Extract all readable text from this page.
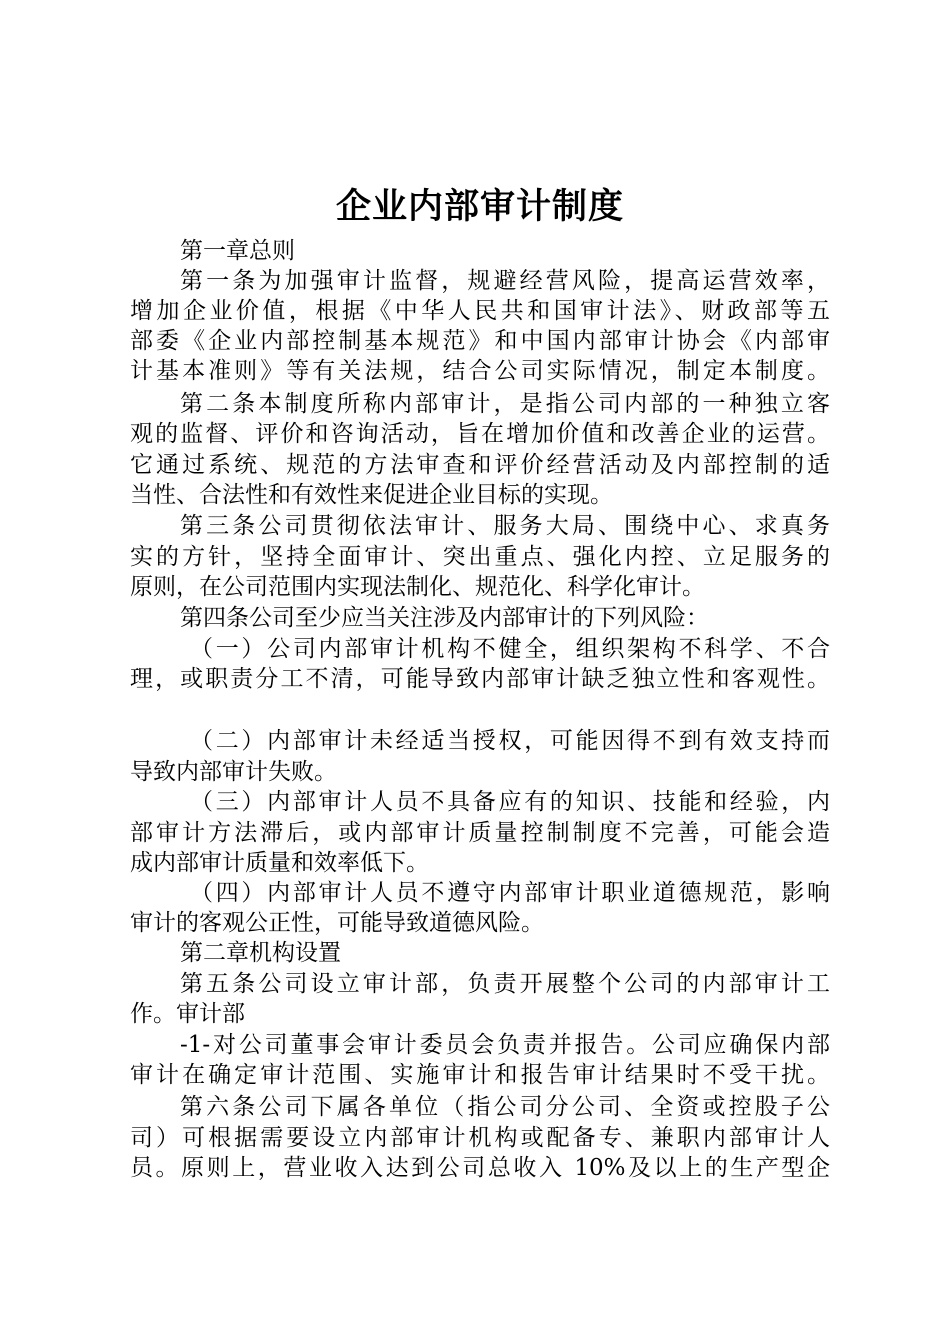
企业内部审计制度
第一章总则
第一条为加强审计监督，规避经营风险，提高运营效率，
增加企业价值，根据《中华人民共和国审计法》、财政部等五
部委《企业内部控制基本规范》和中国内部审计协会《内部审
计基本准则》等有关法规，结合公司实际情况，制定本制度。
第二条本制度所称内部审计，是指公司内部的一种独立客
观的监督、评价和咨询活动，旨在增加价值和改善企业的运营。
它通过系统、规范的方法审查和评价经营活动及内部控制的适
当性、合法性和有效性来促进企业目标的实现。
第三条公司贯彻依法审计、服务大局、围绕中心、求真务
实的方针，坚持全面审计、突出重点、强化内控、立足服务的
原则，在公司范围内实现法制化、规范化、科学化审计。
第四条公司至少应当关注涉及内部审计的下列风险：
（一）公司内部审计机构不健全，组织架构不科学、不合
理，或职责分工不清，可能导致内部审计缺乏独立性和客观性。
（二）内部审计未经适当授权，可能因得不到有效支持而
导致内部审计失败。
（三）内部审计人员不具备应有的知识、技能和经验，内
部审计方法滞后，或内部审计质量控制制度不完善，可能会造
成内部审计质量和效率低下。
（四）内部审计人员不遵守内部审计职业道德规范，影响
审计的客观公正性，可能导致道德风险。
第二章机构设置
第五条公司设立审计部，负责开展整个公司的内部审计工
作。审计部
-1-对公司董事会审计委员会负责并报告。公司应确保内部
审计在确定审计范围、实施审计和报告审计结果时不受干扰。
第六条公司下属各单位（指公司分公司、全资或控股子公
司）可根据需要设立内部审计机构或配备专、兼职内部审计人
员。原则上，营业收入达到公司总收入 10%及以上的生产型企
